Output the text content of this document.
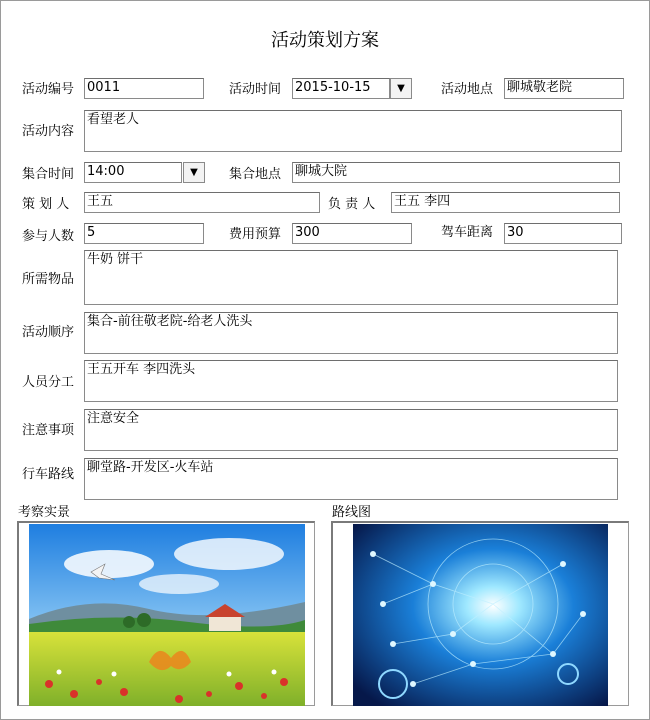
活动策划方案
活动编号 0011	活动时间 2015-10-15	▼	活动地点 聊城敬老院
活动内容
看望老人
集合时间 14:00	▼	集合地点 聊城大院
策 划 人 王五	负 责 人 王五 李四
参与人数 5	费用预算 300	驾车距离 30
所需物品
牛奶 饼干
活动顺序
集合-前往敬老院-给老人洗头
人员分工
王五开车 李四洗头
注意事项
注意安全
行车路线 聊堂路-开发区-火车站
考察实景	路线图
